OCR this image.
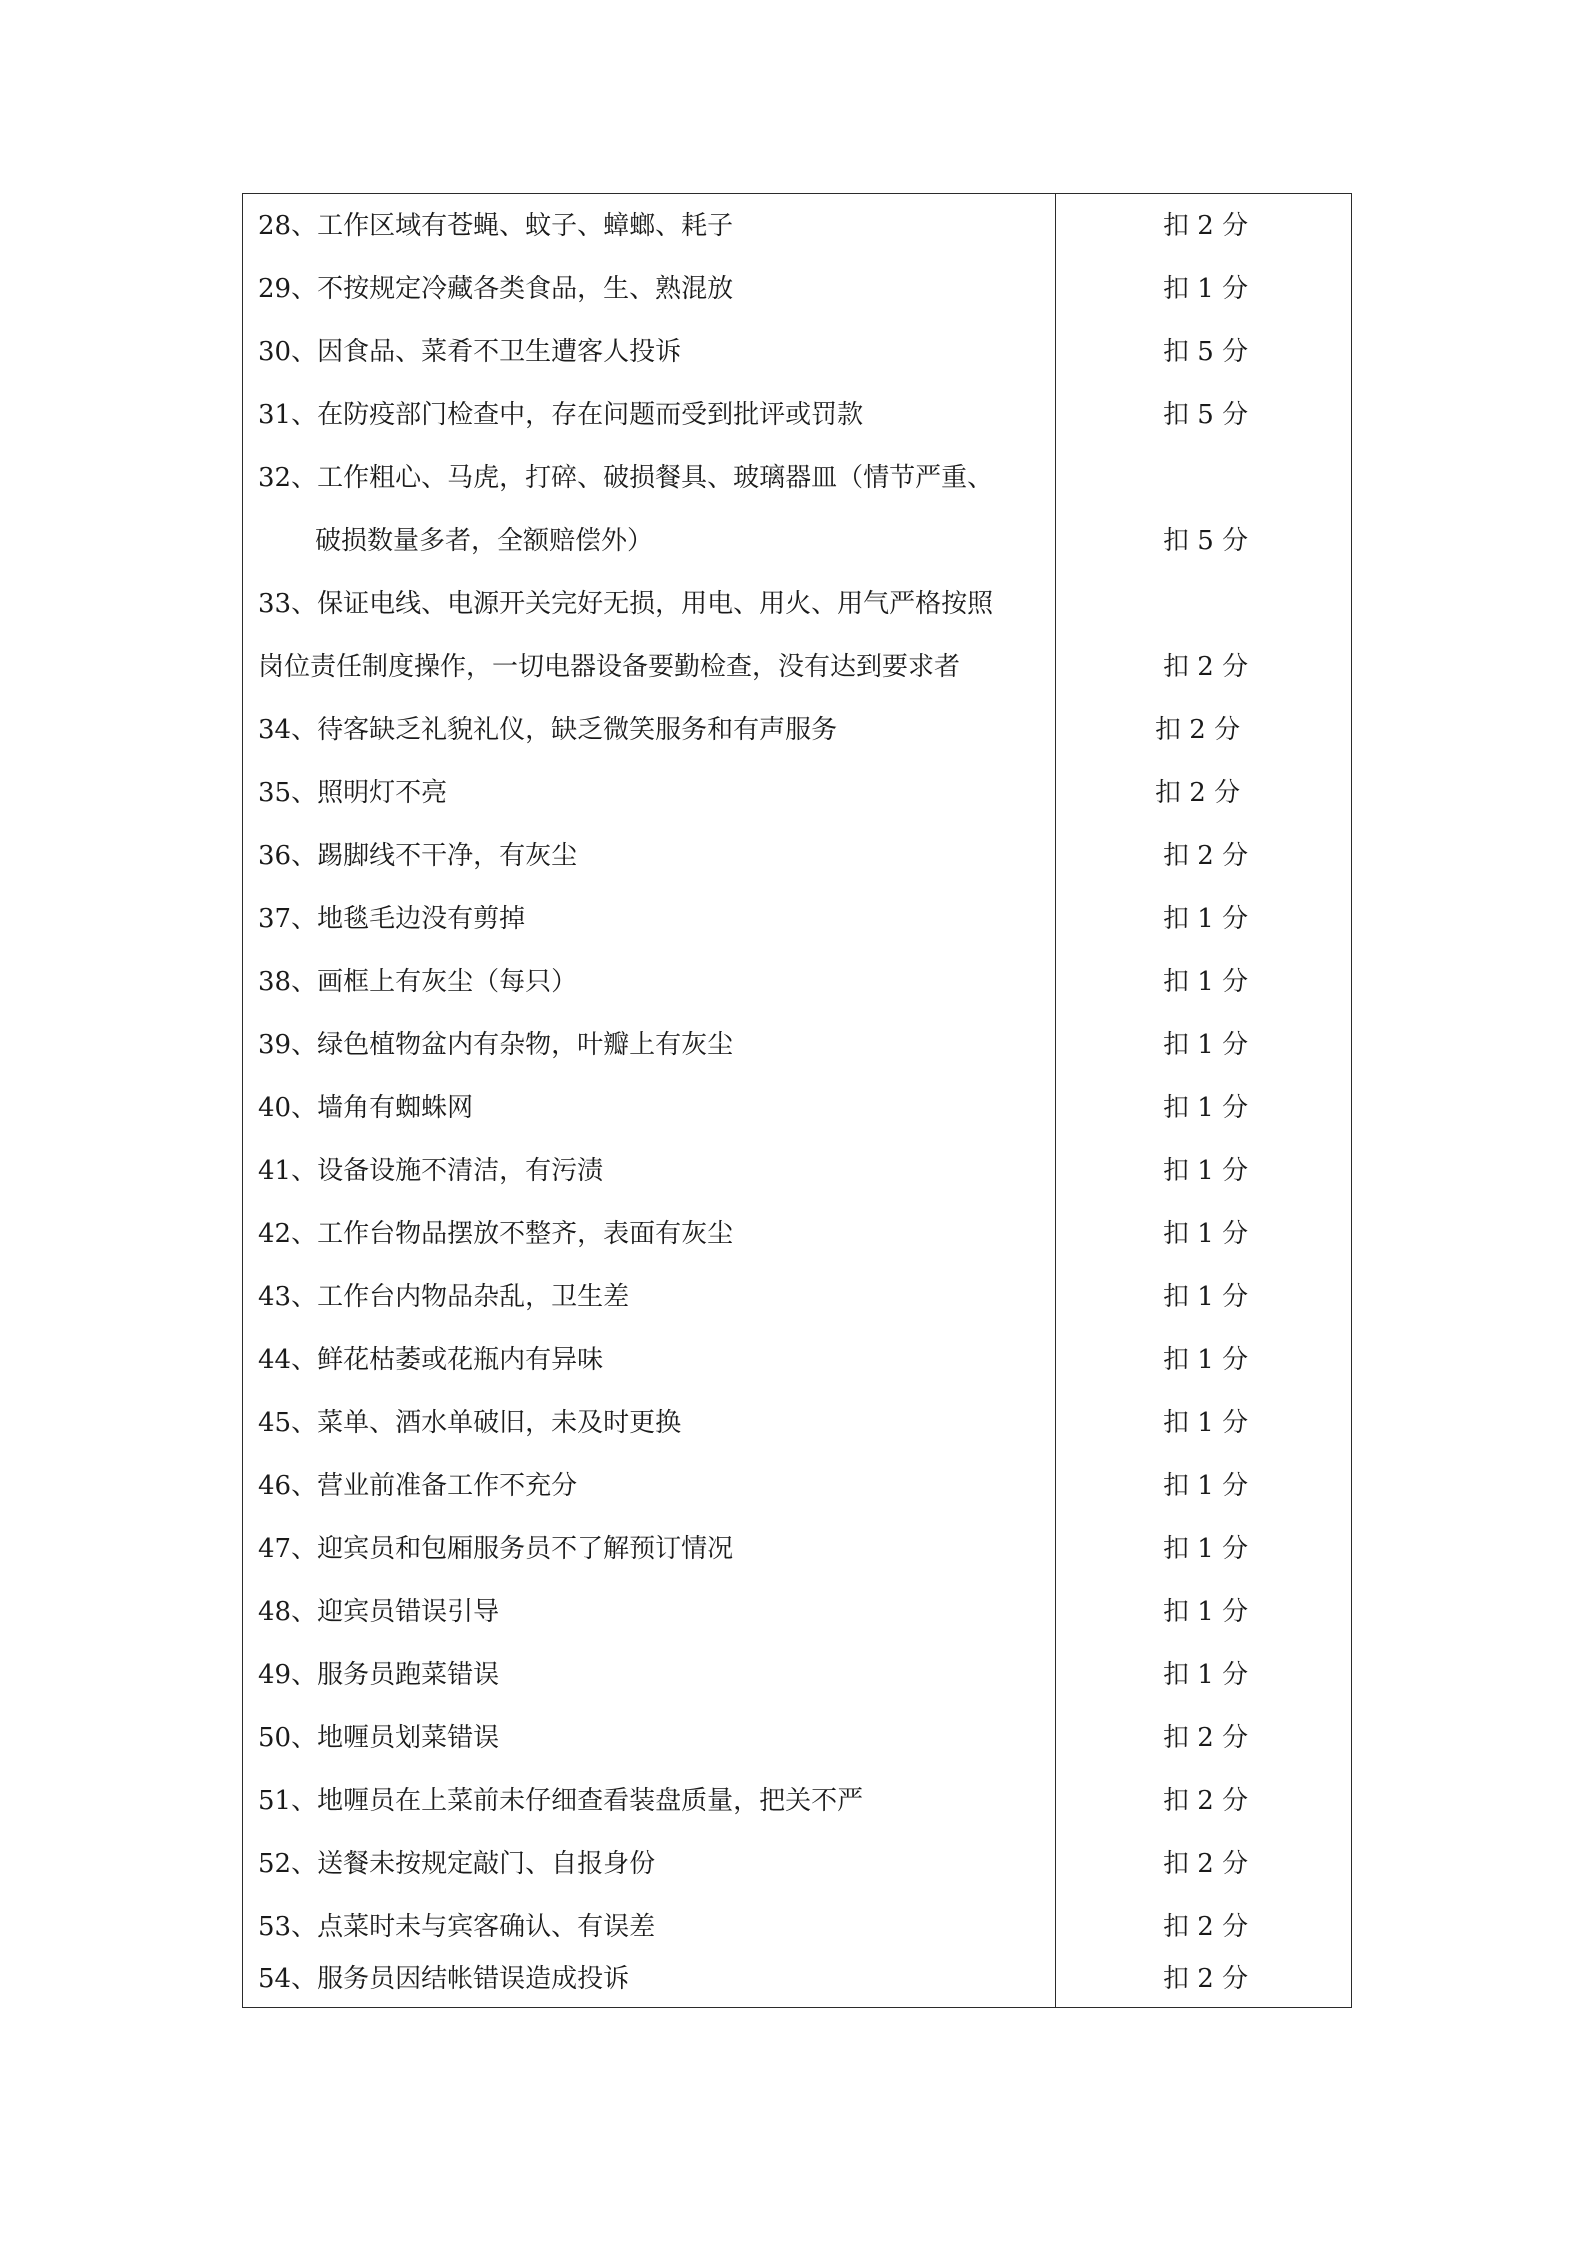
28、工作区域有苍蝇、蚊子、蟑螂、耗子	扣 2 分
29、不按规定冷藏各类食品，生、熟混放	扣 1 分
30、因食品、菜肴不卫生遭客人投诉	扣 5 分
31、在防疫部门检查中，存在问题而受到批评或罚款	扣 5 分
32、工作粗心、马虎，打碎、破损餐具、玻璃器皿（情节严重、
破损数量多者，全额赔偿外）	扣 5 分
33、保证电线、电源开关完好无损，用电、用火、用气严格按照
岗位责任制度操作，一切电器设备要勤检查，没有达到要求者	扣 2 分
34、待客缺乏礼貌礼仪，缺乏微笑服务和有声服务	扣 2 分
35、照明灯不亮	扣 2 分
36、踢脚线不干净，有灰尘	扣 2 分
37、地毯毛边没有剪掉	扣 1 分
38、画框上有灰尘（每只）	扣 1 分
39、绿色植物盆内有杂物，叶瓣上有灰尘	扣 1 分
40、墙角有蜘蛛网	扣 1 分
41、设备设施不清洁，有污渍	扣 1 分
42、工作台物品摆放不整齐，表面有灰尘	扣 1 分
43、工作台内物品杂乱，卫生差	扣 1 分
44、鲜花枯萎或花瓶内有异味	扣 1 分
45、菜单、酒水单破旧，未及时更换	扣 1 分
46、营业前准备工作不充分	扣 1 分
47、迎宾员和包厢服务员不了解预订情况	扣 1 分
48、迎宾员错误引导	扣 1 分
49、服务员跑菜错误	扣 1 分
50、地喱员划菜错误	扣 2 分
51、地喱员在上菜前未仔细查看装盘质量，把关不严	扣 2 分
52、送餐未按规定敲门、自报身份	扣 2 分
53、点菜时未与宾客确认、有误差	扣 2 分
54、服务员因结帐错误造成投诉	扣 2 分
